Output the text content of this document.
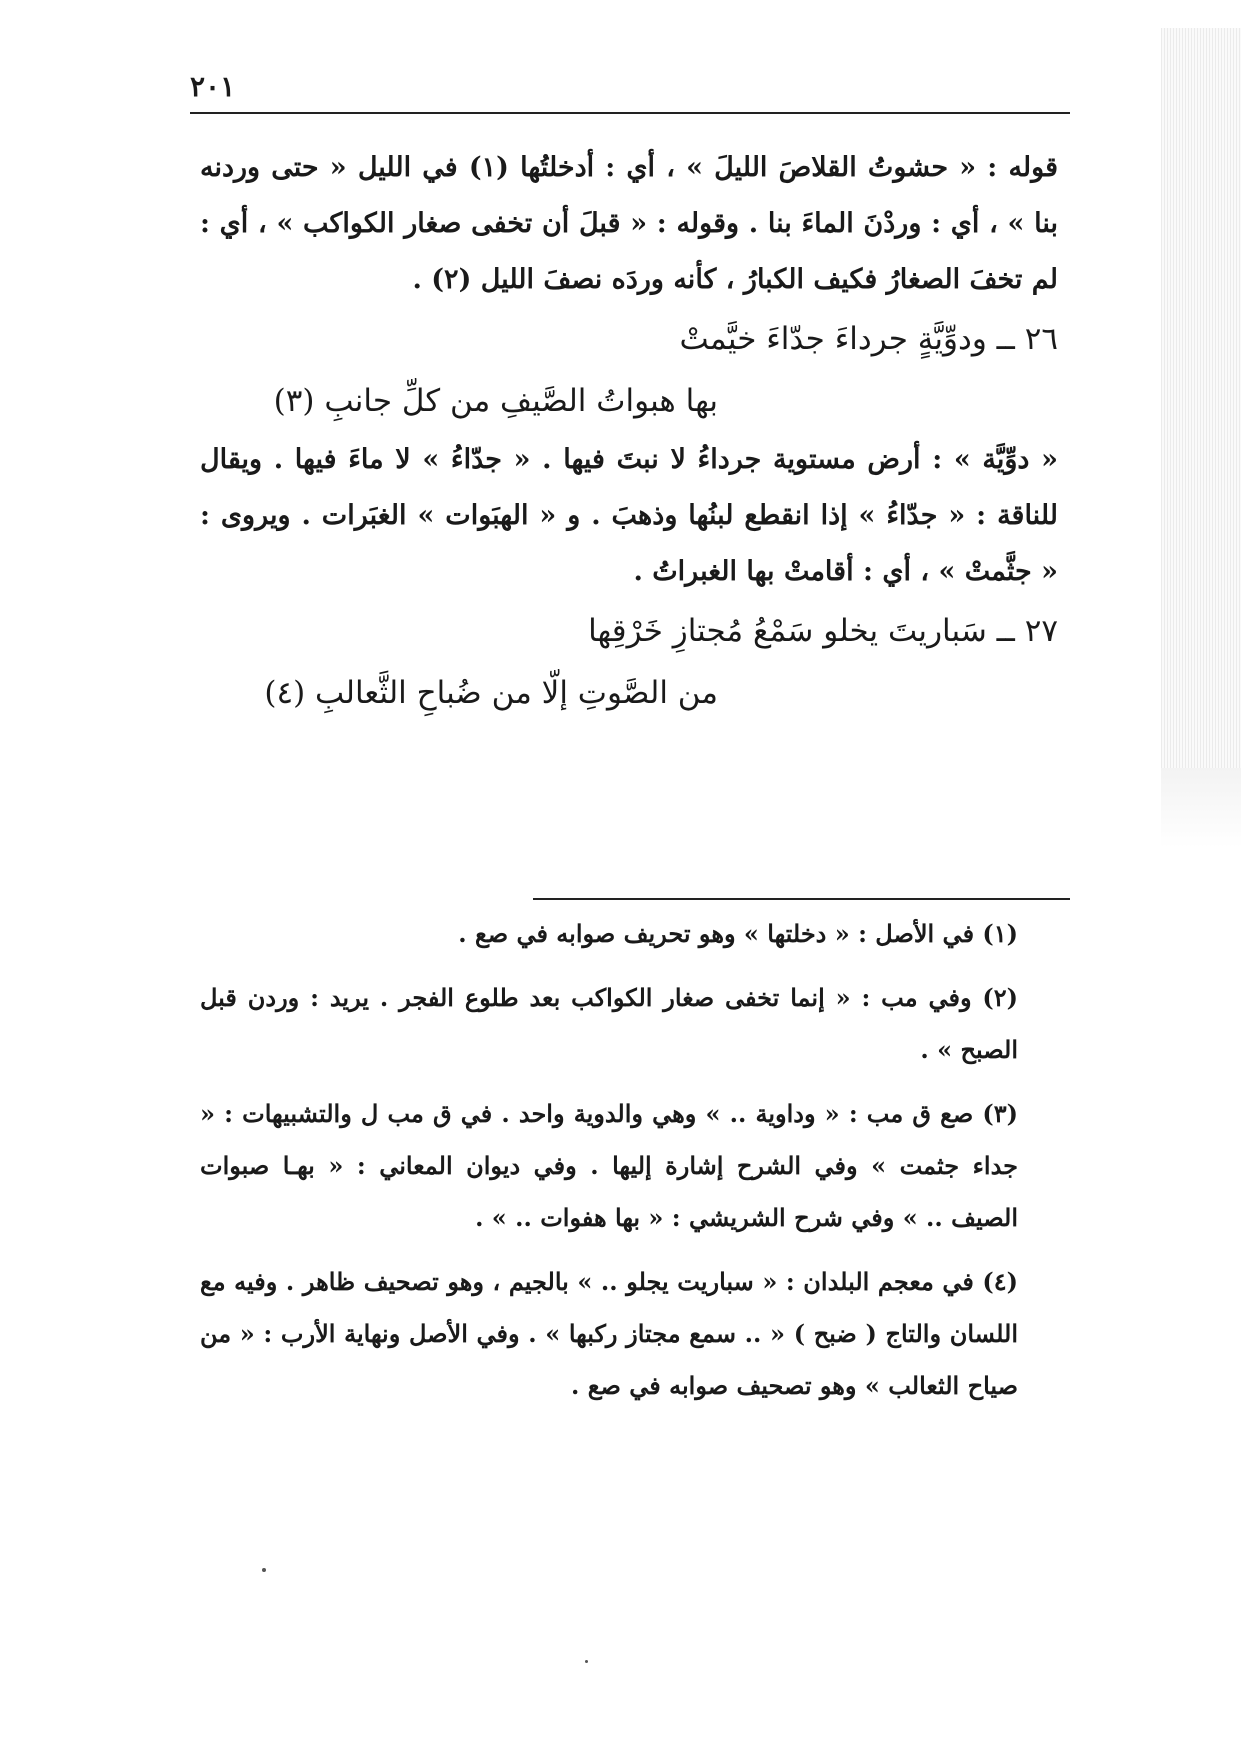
٢٠١

قوله : « حشوتُ القلاصَ الليلَ » ، أي : أدخلتُها (١) في الليل « حتى وردنه بنا » ، أي : وردْنَ الماءَ بنا . وقوله : « قبلَ أن تخفى صغار الكواكب » ، أي : لم تخفَ الصغارُ فكيف الكبارُ ، كأنه وردَه نصفَ الليل (٢) .

٢٦ ــ ودوِّيَّةٍ جرداءَ جدّاءَ خيَّمتْ

بها هبواتُ الصَّيفِ من كلِّ جانبِ (٣)

« دوِّيَّة » : أرض مستوية جرداءُ لا نبتَ فيها . « جدّاءُ » لا ماءَ فيها . ويقال للناقة : « جدّاءُ » إذا انقطع لبنُها وذهبَ . و « الهبَوات » الغبَرات . ويروى : « جثَّمتْ » ، أي : أقامتْ بها الغبراتُ .

٢٧ ــ سَباريتَ يخلو سَمْعُ مُجتازِ خَرْقِها

من الصَّوتِ إلّا من ضُباحِ الثَّعالبِ (٤)

(١) في الأصل : « دخلتها » وهو تحريف صوابه في صع .

(٢) وفي مب : « إنما تخفى صغار الكواكب بعد طلوع الفجر . يريد : وردن قبل الصبح » .

(٣) صع ق مب : « وداوية .. » وهي والدوية واحد . في ق مب ل والتشبيهات : « جداء جثمت » وفي الشرح إشارة إليها . وفي ديوان المعاني : « بهـا صبوات الصيف .. » وفي شرح الشريشي : « بها هفوات .. » .

(٤) في معجم البلدان : « سباريت يجلو .. » بالجيم ، وهو تصحيف ظاهر . وفيه مع اللسان والتاج ( ضبح ) « .. سمع مجتاز ركبها » . وفي الأصل ونهاية الأرب : « من صياح الثعالب » وهو تصحيف صوابه في صع .
